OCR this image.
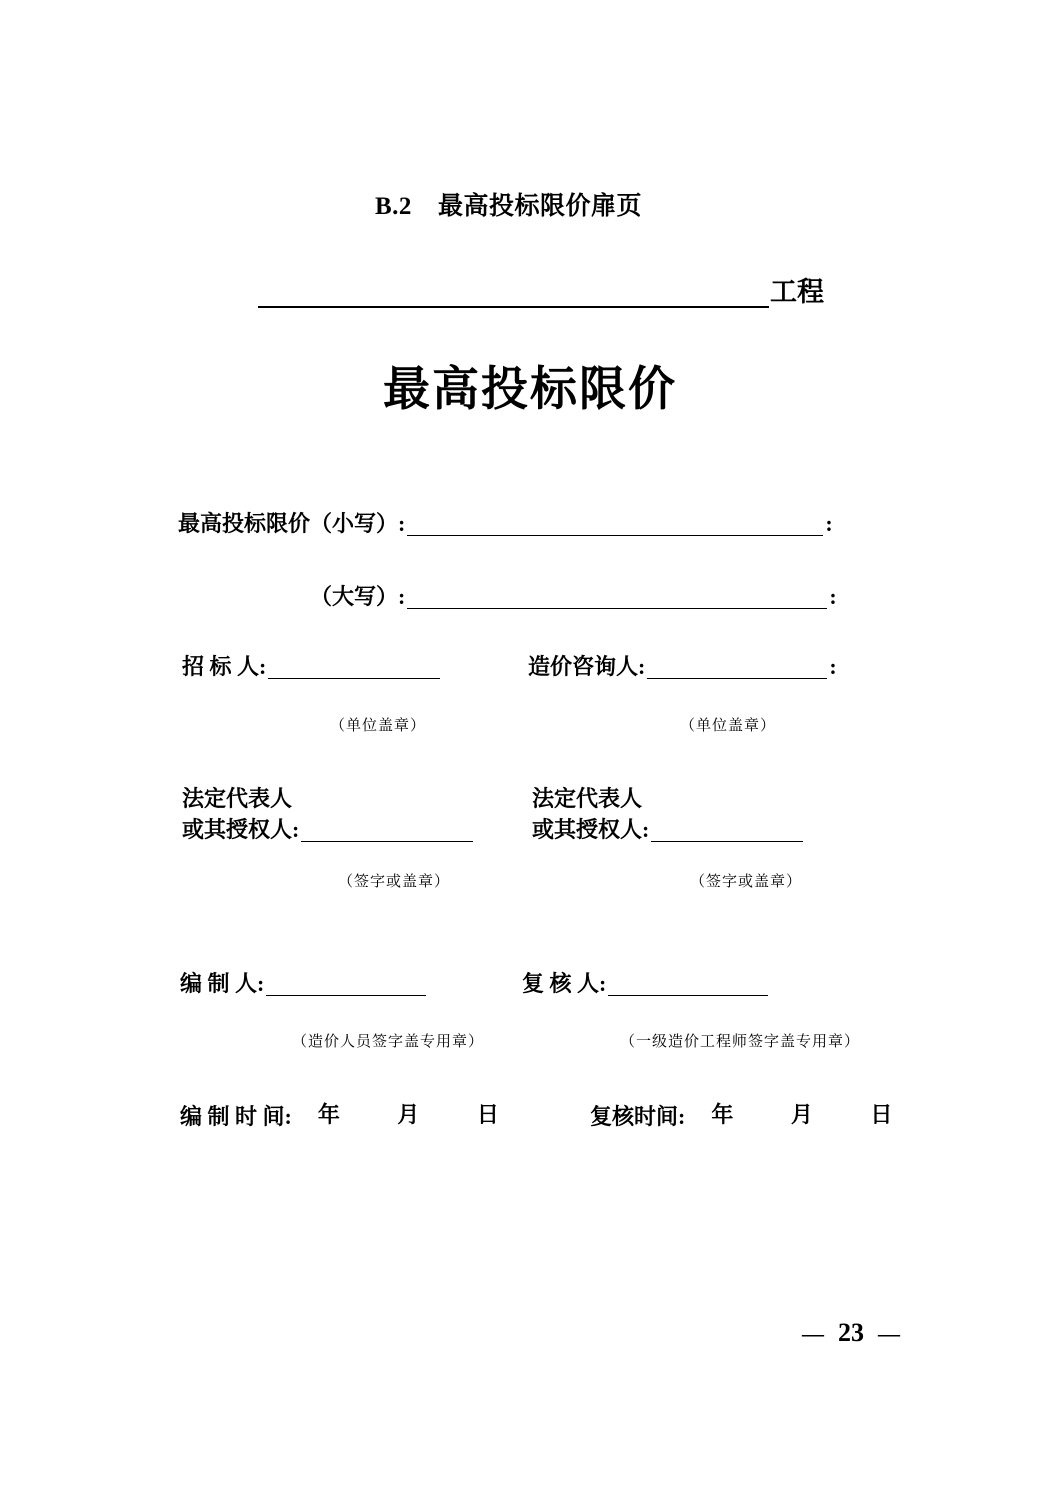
B.2 最高投标限价扉页
工程
最高投标限价
最高投标限价（小写）:	:
（大写）:	:
招 标 人:	造价咨询人:	:
（单位盖章）	（单位盖章）
法定代表人	法定代表人
或其授权人:	或其授权人:
（签字或盖章）	（签字或盖章）
编 制 人:	复 核 人:
（造价人员签字盖专用章）	（一级造价工程师签字盖专用章）
编 制 时 间: 年 月 日	复核时间: 年 月 日
— 23 —
